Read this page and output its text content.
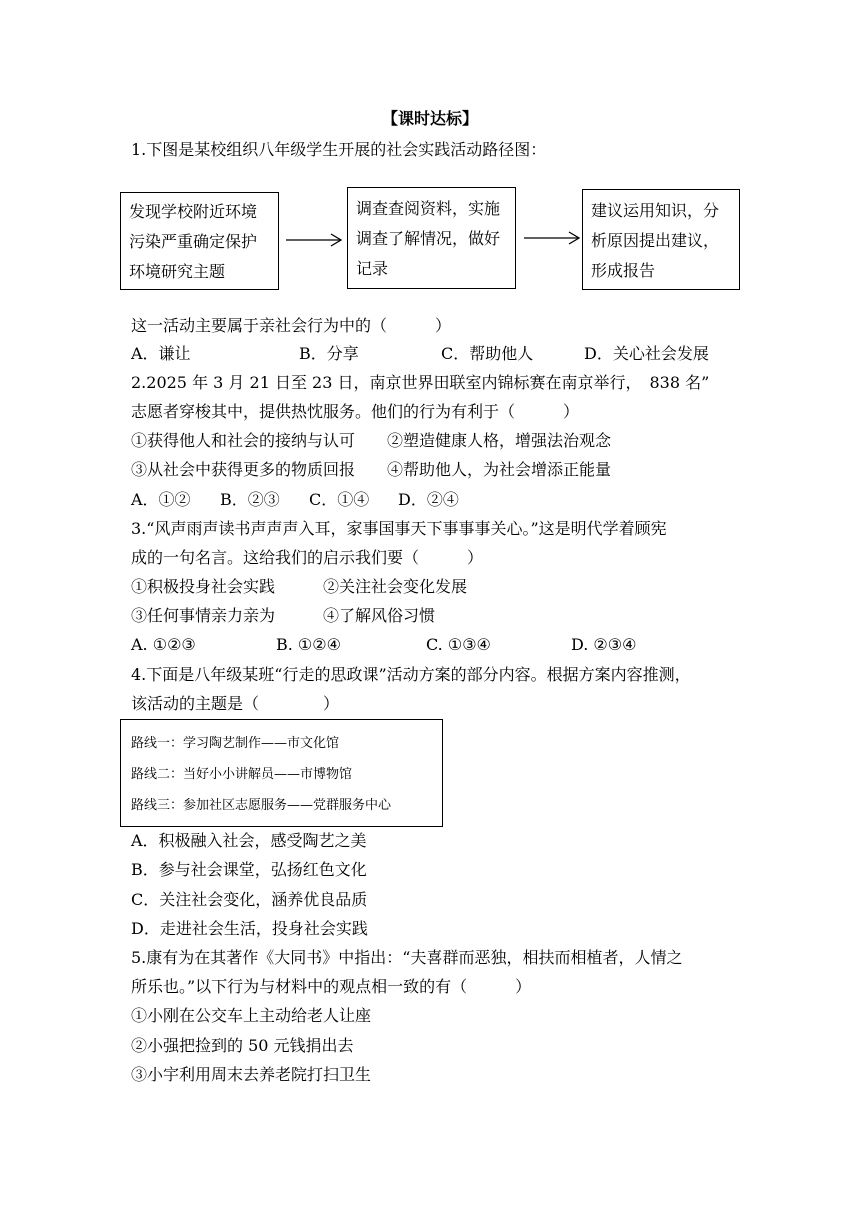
【课时达标】
1.下图是某校组织八年级学生开展的社会实践活动路径图：
发现学校附近环境
污染严重确定保护
环境研究主题
调查查阅资料，实施
调查了解情况，做好
记录
建议运用知识，分
析原因提出建议，
形成报告
这一活动主要属于亲社会行为中的（　　　）
A．谦让	B．分享	C．帮助他人	D．关心社会发展
2.2025 年 3 月 21 日至 23 日，南京世界田联室内锦标赛在南京举行，　838 名”
志愿者穿梭其中，提供热忱服务。他们的行为有利于（　　　）
①获得他人和社会的接纳与认可　　②塑造健康人格，增强法治观念
③从社会中获得更多的物质回报　　④帮助他人，为社会增添正能量
A．①② B．②③ C．①④ D．②④
3.“风声雨声读书声声声入耳，家事国事天下事事事关心。”这是明代学着顾宪
成的一句名言。这给我们的启示我们要（　　　）
①积极投身社会实践　　　②关注社会变化发展
③任何事情亲力亲为　　　④了解风俗习惯
A. ①②③	B. ①②④	C. ①③④	D. ②③④
4.下面是八年级某班“行走的思政课”活动方案的部分内容。根据方案内容推测，
该活动的主题是（　　　　）
路线一：学习陶艺制作——市文化馆
路线二：当好小小讲解员——市博物馆
路线三：参加社区志愿服务——党群服务中心
A．积极融入社会，感受陶艺之美
B．参与社会课堂，弘扬红色文化
C．关注社会变化，涵养优良品质
D．走进社会生活，投身社会实践
5.康有为在其著作《大同书》中指出：“夫喜群而恶独，相扶而相植者，人情之
所乐也。”以下行为与材料中的观点相一致的有（　　　）
①小刚在公交车上主动给老人让座
②小强把捡到的 50 元钱捐出去
③小宇利用周末去养老院打扫卫生
